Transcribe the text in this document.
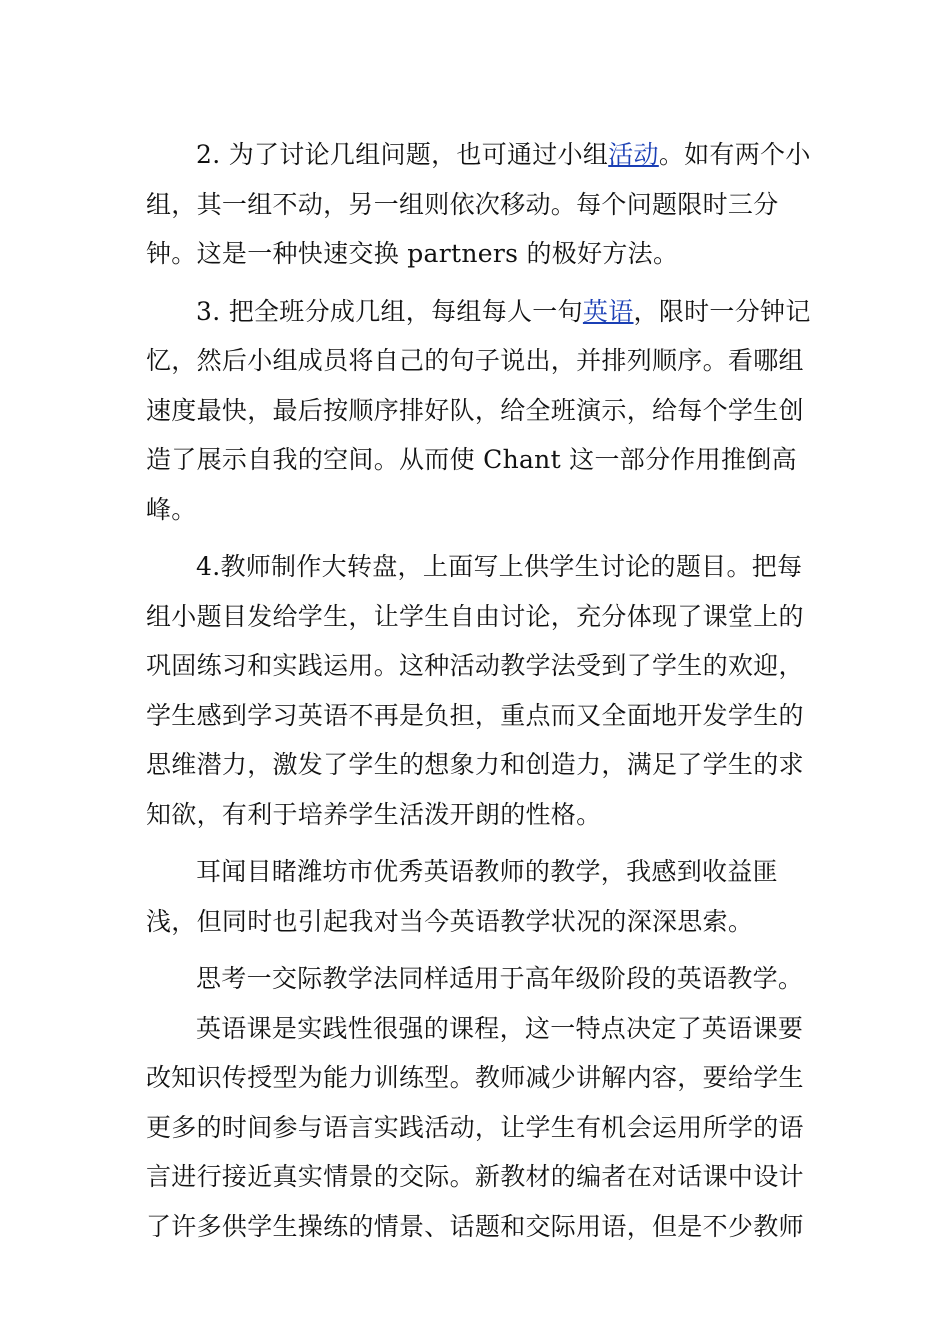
2. 为了讨论几组问题，也可通过小组活动。如有两个小组，其一组不动，另一组则依次移动。每个问题限时三分钟。这是一种快速交换 partners 的极好方法。

3. 把全班分成几组，每组每人一句英语，限时一分钟记忆，然后小组成员将自己的句子说出，并排列顺序。看哪组速度最快，最后按顺序排好队，给全班演示，给每个学生创造了展示自我的空间。从而使 Chant 这一部分作用推倒高峰。

4.教师制作大转盘，上面写上供学生讨论的题目。把每组小题目发给学生，让学生自由讨论，充分体现了课堂上的巩固练习和实践运用。这种活动教学法受到了学生的欢迎，学生感到学习英语不再是负担，重点而又全面地开发学生的思维潜力，激发了学生的想象力和创造力，满足了学生的求知欲，有利于培养学生活泼开朗的性格。

耳闻目睹潍坊市优秀英语教师的教学，我感到收益匪浅，但同时也引起我对当今英语教学状况的深深思索。

思考一交际教学法同样适用于高年级阶段的英语教学。

英语课是实践性很强的课程，这一特点决定了英语课要改知识传授型为能力训练型。教师减少讲解内容，要给学生更多的时间参与语言实践活动，让学生有机会运用所学的语言进行接近真实情景的交际。新教材的编者在对话课中设计了许多供学生操练的情景、话题和交际用语，但是不少教师
